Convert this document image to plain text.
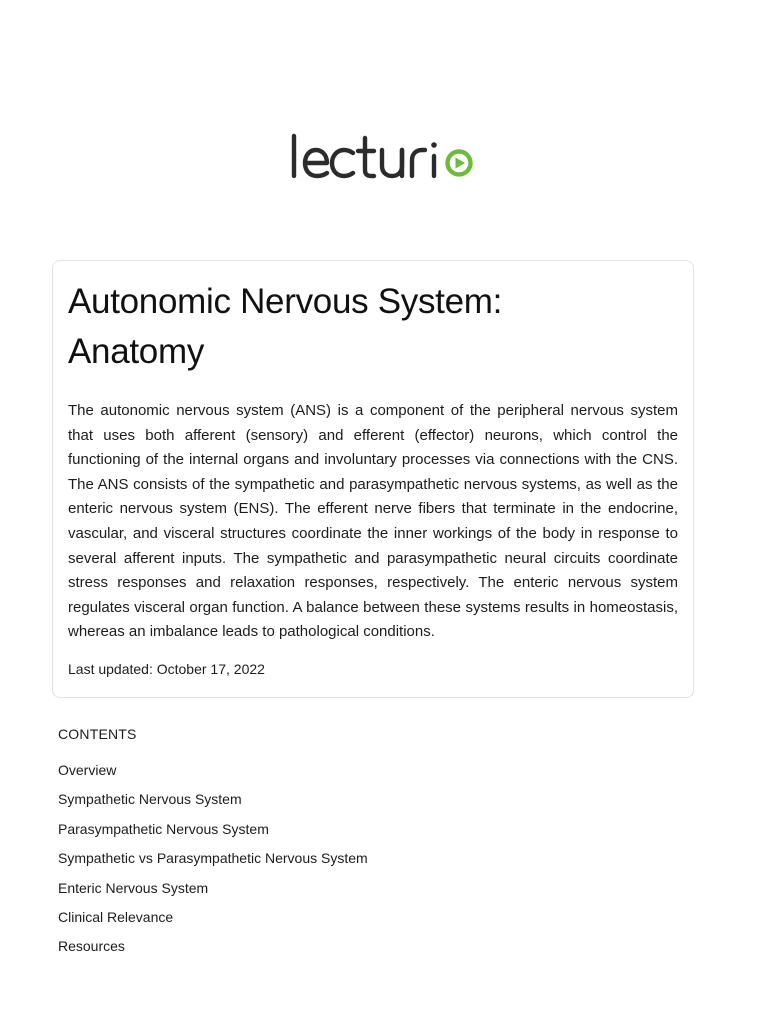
Autonomic Nervous System: Anatomy

The autonomic nervous system (ANS) is a component of the peripheral nervous system that uses both afferent (sensory) and efferent (effector) neurons, which control the functioning of the internal organs and involuntary processes via connections with the CNS. The ANS consists of the sympathetic and parasympathetic nervous systems, as well as the enteric nervous system (ENS). The efferent nerve fibers that terminate in the endocrine, vascular, and visceral structures coordinate the inner workings of the body in response to several afferent inputs. The sympathetic and parasympathetic neural circuits coordinate stress responses and relaxation responses, respectively. The enteric nervous system regulates visceral organ function. A balance between these systems results in homeostasis, whereas an imbalance leads to pathological conditions.

Last updated: October 17, 2022

CONTENTS
Overview
Sympathetic Nervous System
Parasympathetic Nervous System
Sympathetic vs Parasympathetic Nervous System
Enteric Nervous System
Clinical Relevance
Resources
